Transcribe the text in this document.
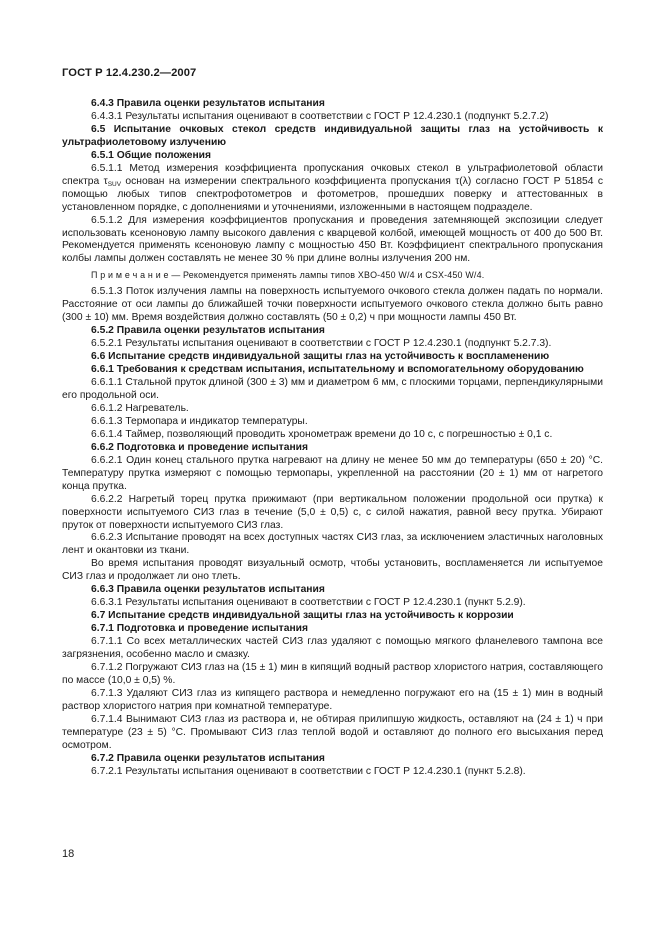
ГОСТ Р 12.4.230.2—2007

6.4.3 Правила оценки результатов испытания

6.4.3.1 Результаты испытания оценивают в соответствии с ГОСТ Р 12.4.230.1 (подпункт 5.2.7.2)

6.5 Испытание очковых стекол средств индивидуальной защиты глаз на устойчивость к ультрафиолетовому излучению

6.5.1 Общие положения

6.5.1.1 Метод измерения коэффициента пропускания очковых стекол в ультрафиолетовой области спектра $\tau_{SUV}$ основан на измерении спектрального коэффициента пропускания τ(λ) согласно ГОСТ Р 51854 с помощью любых типов спектрофотометров и фотометров, прошедших поверку и аттестованных в установленном порядке, с дополнениями и уточнениями, изложенными в настоящем подразделе.

6.5.1.2 Для измерения коэффициентов пропускания и проведения затемняющей экспозиции следует использовать ксеноновую лампу высокого давления с кварцевой колбой, имеющей мощность от 400 до 500 Вт. Рекомендуется применять ксеноновую лампу с мощностью 450 Вт. Коэффициент спектрального пропускания колбы лампы должен составлять не менее 30 % при длине волны излучения 200 нм.

П р и м е ч а н и е — Рекомендуется применять лампы типов XBO-450 W/4 и CSX-450 W/4.

6.5.1.3 Поток излучения лампы на поверхность испытуемого очкового стекла должен падать по нормали. Расстояние от оси лампы до ближайшей точки поверхности испытуемого очкового стекла должно быть равно (300 ± 10) мм. Время воздействия должно составлять (50 ± 0,2) ч при мощности лампы 450 Вт.

6.5.2 Правила оценки результатов испытания

6.5.2.1 Результаты испытания оценивают в соответствии с ГОСТ Р 12.4.230.1 (подпункт 5.2.7.3).

6.6 Испытание средств индивидуальной защиты глаз на устойчивость к воспламенению

6.6.1 Требования к средствам испытания, испытательному и вспомогательному оборудованию

6.6.1.1 Стальной пруток длиной (300 ± 3) мм и диаметром 6 мм, с плоскими торцами, перпендикулярными его продольной оси.

6.6.1.2 Нагреватель.

6.6.1.3 Термопара и индикатор температуры.

6.6.1.4 Таймер, позволяющий проводить хронометраж времени до 10 с, с погрешностью ± 0,1 с.

6.6.2 Подготовка и проведение испытания

6.6.2.1 Один конец стального прутка нагревают на длину не менее 50 мм до температуры (650 ± 20) °С. Температуру прутка измеряют с помощью термопары, укрепленной на расстоянии (20 ± 1) мм от нагретого конца прутка.

6.6.2.2 Нагретый торец прутка прижимают (при вертикальном положении продольной оси прутка) к поверхности испытуемого СИЗ глаз в течение (5,0 ± 0,5) с, с силой нажатия, равной весу прутка. Убирают пруток от поверхности испытуемого СИЗ глаз.

6.6.2.3 Испытание проводят на всех доступных частях СИЗ глаз, за исключением эластичных наголовных лент и окантовки из ткани.

Во время испытания проводят визуальный осмотр, чтобы установить, воспламеняется ли испытуемое СИЗ глаз и продолжает ли оно тлеть.

6.6.3 Правила оценки результатов испытания

6.6.3.1 Результаты испытания оценивают в соответствии с ГОСТ Р 12.4.230.1 (пункт 5.2.9).

6.7 Испытание средств индивидуальной защиты глаз на устойчивость к коррозии

6.7.1 Подготовка и проведение испытания

6.7.1.1 Со всех металлических частей СИЗ глаз удаляют с помощью мягкого фланелевого тампона все загрязнения, особенно масло и смазку.

6.7.1.2 Погружают СИЗ глаз на (15 ± 1) мин в кипящий водный раствор хлористого натрия, составляющего по массе (10,0 ± 0,5) %.

6.7.1.3 Удаляют СИЗ глаз из кипящего раствора и немедленно погружают его на (15 ± 1) мин в водный раствор хлористого натрия при комнатной температуре.

6.7.1.4 Вынимают СИЗ глаз из раствора и, не обтирая прилипшую жидкость, оставляют на (24 ± 1) ч при температуре (23 ± 5) °С. Промывают СИЗ глаз теплой водой и оставляют до полного его высыхания перед осмотром.

6.7.2 Правила оценки результатов испытания

6.7.2.1 Результаты испытания оценивают в соответствии с ГОСТ Р 12.4.230.1 (пункт 5.2.8).

18
